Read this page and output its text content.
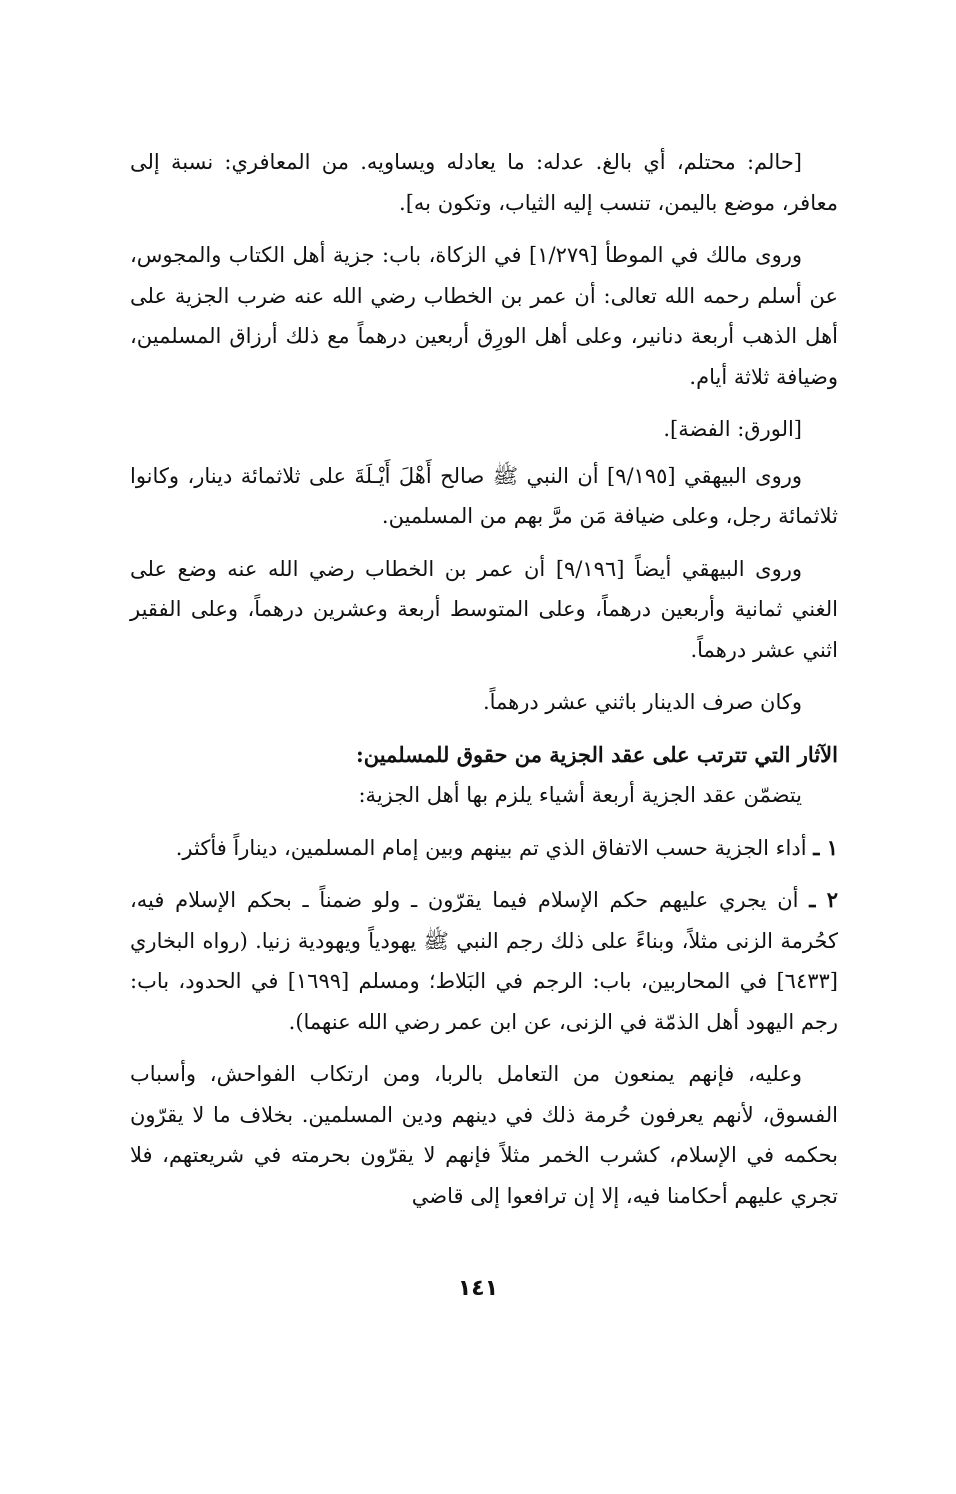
[حالم: محتلم، أي بالغ. عدله: ما يعادله ويساويه. من المعافري: نسبة إلى معافر، موضع باليمن، تنسب إليه الثياب، وتكون به].

وروى مالك في الموطأ [١/٢٧٩] في الزكاة، باب: جزية أهل الكتاب والمجوس، عن أسلم رحمه الله تعالى: أن عمر بن الخطاب رضي الله عنه ضرب الجزية على أهل الذهب أربعة دنانير، وعلى أهل الورِق أربعين درهماً مع ذلك أرزاق المسلمين، وضيافة ثلاثة أيام.

[الورق: الفضة].

وروى البيهقي [٩/١٩٥] أن النبي ﷺ صالح أَهْلَ أَيْـلَةَ على ثلاثمائة دينار، وكانوا ثلاثمائة رجل، وعلى ضيافة مَن مرَّ بهم من المسلمين.

وروى البيهقي أيضاً [٩/١٩٦] أن عمر بن الخطاب رضي الله عنه وضع على الغني ثمانية وأربعين درهماً، وعلى المتوسط أربعة وعشرين درهماً، وعلى الفقير اثني عشر درهماً.

وكان صرف الدينار باثني عشر درهماً.

الآثار التي تترتب على عقد الجزية من حقوق للمسلمين:

يتضمّن عقد الجزية أربعة أشياء يلزم بها أهل الجزية:

١ ـ أداء الجزية حسب الاتفاق الذي تم بينهم وبين إمام المسلمين، ديناراً فأكثر.

٢ ـ أن يجري عليهم حكم الإسلام فيما يقرّون ـ ولو ضمناً ـ بحكم الإسلام فيه، كحُرمة الزنى مثلاً، وبناءً على ذلك رجم النبي ﷺ يهودياً ويهودية زنيا. (رواه البخاري [٦٤٣٣] في المحاربين، باب: الرجم في البَلاط؛ ومسلم [١٦٩٩] في الحدود، باب: رجم اليهود أهل الذمّة في الزنى، عن ابن عمر رضي الله عنهما).

وعليه، فإنهم يمنعون من التعامل بالربا، ومن ارتكاب الفواحش، وأسباب الفسوق، لأنهم يعرفون حُرمة ذلك في دينهم ودين المسلمين. بخلاف ما لا يقرّون بحكمه في الإسلام، كشرب الخمر مثلاً فإنهم لا يقرّون بحرمته في شريعتهم، فلا تجري عليهم أحكامنا فيه، إلا إن ترافعوا إلى قاضي

١٤١
